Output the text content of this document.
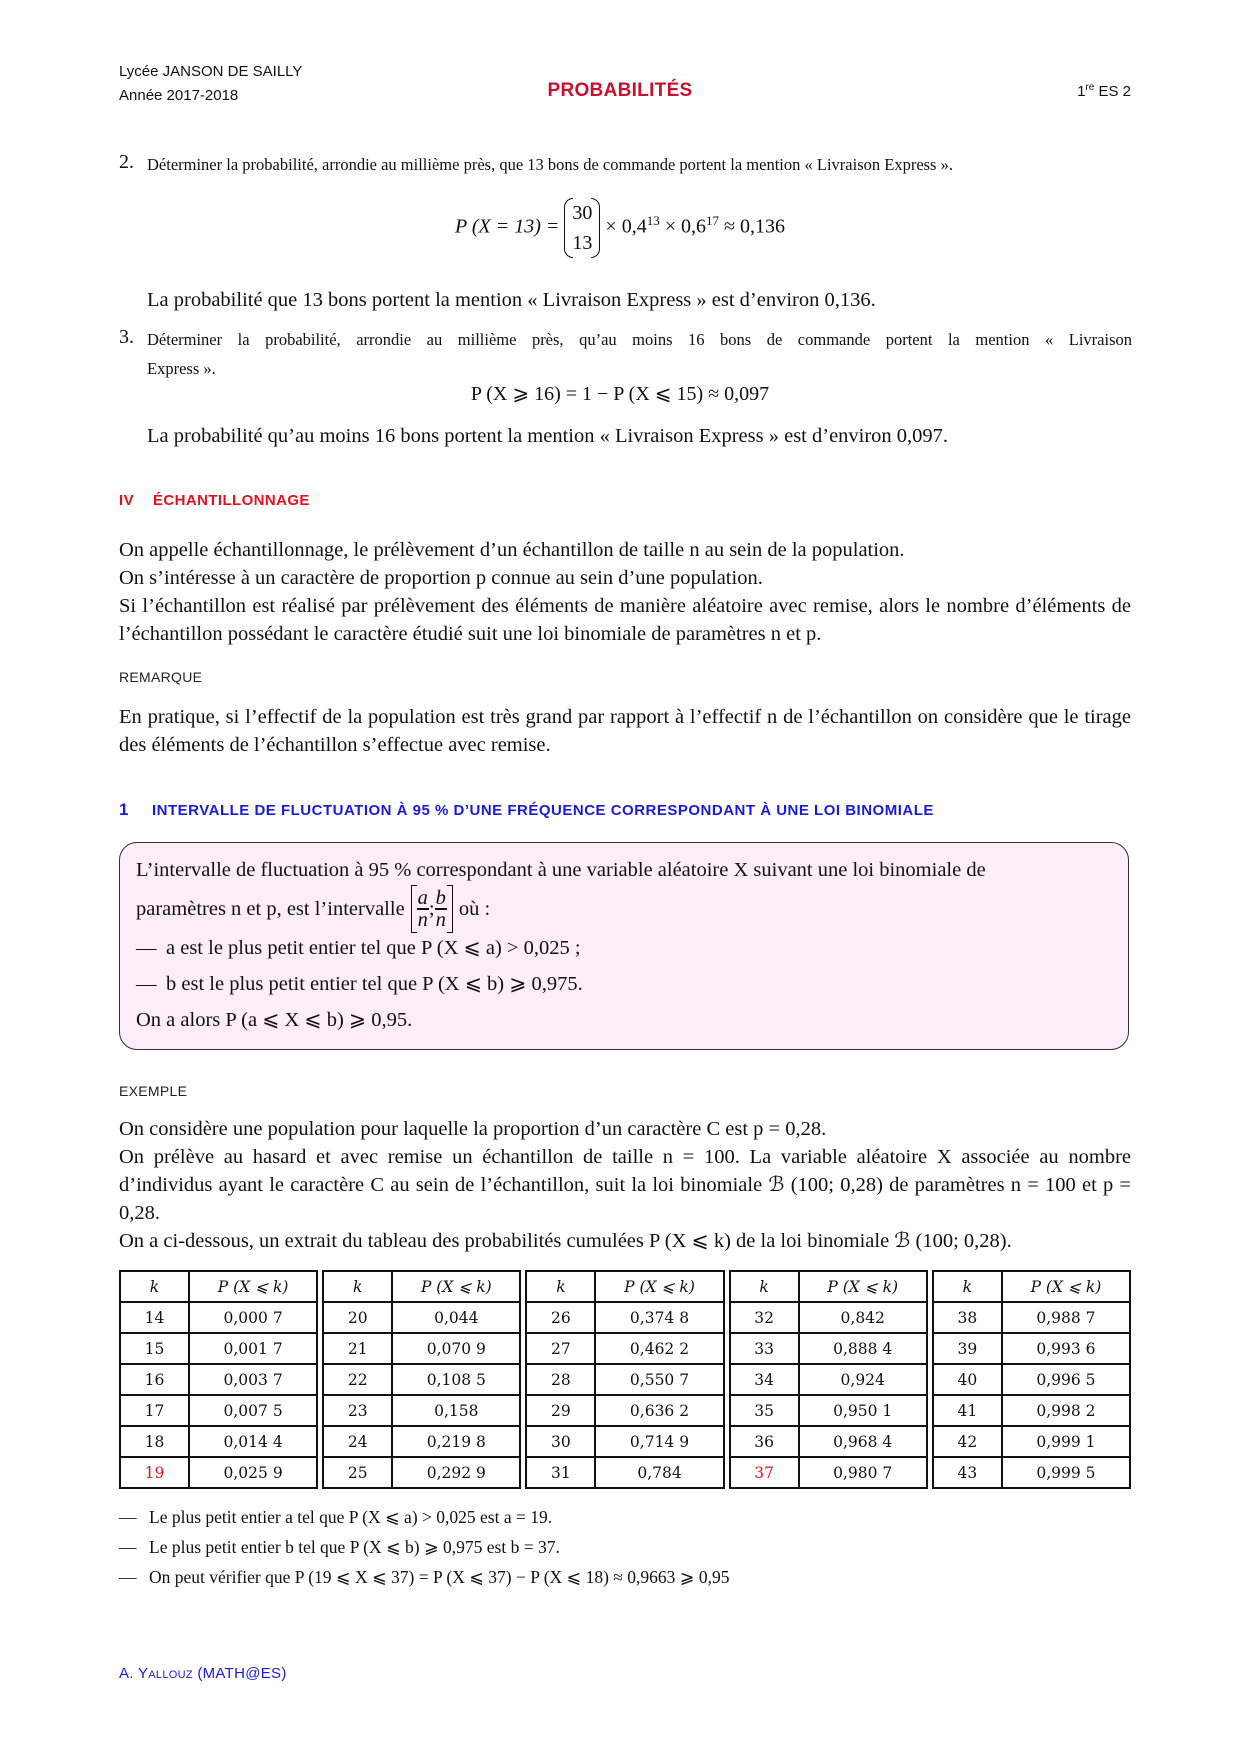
Lycée JANSON DE SAILLY
Année 2017-2018	PROBABILITÉS	1re ES 2
2. Déterminer la probabilité, arrondie au millième près, que 13 bons de commande portent la mention « Livraison Express ».
P (X = 13) =
30
13
× $0,4^{13} \times 0,6^{17} \approx 0,136$
La probabilité que 13 bons portent la mention « Livraison Express » est d’environ 0,136.
3. Déterminer la probabilité, arrondie au millième près, qu’au moins 16 bons de commande portent la mention « Livraison
Express ».
P (X ⩾ 16) = 1 − P (X ⩽ 15) ≈ 0,097
La probabilité qu’au moins 16 bons portent la mention « Livraison Express » est d’environ 0,097.
IV ÉCHANTILLONNAGE
On appelle échantillonnage, le prélèvement d’un échantillon de taille n au sein de la population.
On s’intéresse à un caractère de proportion p connue au sein d’une population.
Si l’échantillon est réalisé par prélèvement des éléments de manière aléatoire avec remise, alors le nombre d’éléments de l’échantillon possédant le caractère étudié suit une loi binomiale de paramètres n et p.
REMARQUE
En pratique, si l’effectif de la population est très grand par rapport à l’effectif n de l’échantillon on considère que le tirage des éléments de l’échantillon s’effectue avec remise.
1 INTERVALLE DE FLUCTUATION À 95 % D’UNE FRÉQUENCE CORRESPONDANT À UNE LOI BINOMIALE
L’intervalle de fluctuation à 95 % correspondant à une variable aléatoire X suivant une loi binomiale de
paramètres n et p, est l’intervalle $\frac{a}{n}$ ; $\frac{b}{n}$ où :
— a est le plus petit entier tel que P (X ⩽ a) > 0,025 ;
— b est le plus petit entier tel que P (X ⩽ b) ⩾ 0,975.
On a alors P (a ⩽ X ⩽ b) ⩾ 0,95.
EXEMPLE
On considère une population pour laquelle la proportion d’un caractère C est p = 0,28.
On prélève au hasard et avec remise un échantillon de taille n = 100. La variable aléatoire X associée au nombre d’individus ayant le caractère C au sein de l’échantillon, suit la loi binomiale ℬ (100; 0,28) de paramètres n = 100 et p = 0,28.
On a ci-dessous, un extrait du tableau des probabilités cumulées P (X ⩽ k) de la loi binomiale ℬ (100; 0,28).
k	P (X ⩽ k)
14	0,000 7
15	0,001 7
16	0,003 7
17	0,007 5
18	0,014 4
19	0,025 9
k	P (X ⩽ k)
20	0,044
21	0,070 9
22	0,108 5
23	0,158
24	0,219 8
25	0,292 9
k	P (X ⩽ k)
26	0,374 8
27	0,462 2
28	0,550 7
29	0,636 2
30	0,714 9
31	0,784
k	P (X ⩽ k)
32	0,842
33	0,888 4
34	0,924
35	0,950 1
36	0,968 4
37	0,980 7
k	P (X ⩽ k)
38	0,988 7
39	0,993 6
40	0,996 5
41	0,998 2
42	0,999 1
43	0,999 5
— Le plus petit entier a tel que P (X ⩽ a) > 0,025 est a = 19.
— Le plus petit entier b tel que P (X ⩽ b) ⩾ 0,975 est b = 37.
— On peut vérifier que P (19 ⩽ X ⩽ 37) = P (X ⩽ 37) − P (X ⩽ 18) ≈ 0,9663 ⩾ 0,95
A. YALLOUZ (MATH@ES)
